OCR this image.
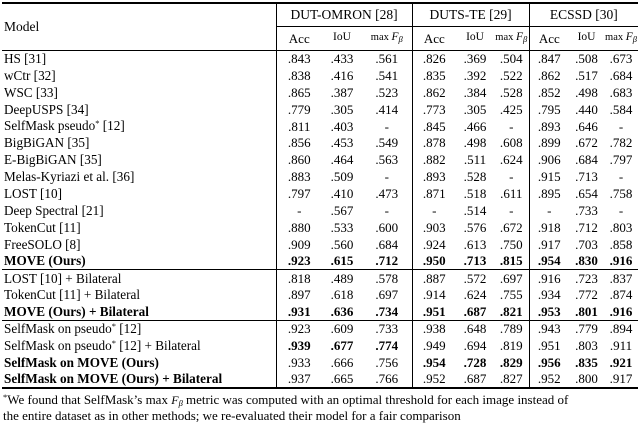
Model	DUT-OMRON [28]			DUTS-TE [29]			ECSSD [30]		
	Acc	IoU	$\max F_\beta$	Acc	IoU	$\max F_\beta$	Acc	IoU	$\max F_\beta$
HS [31]	.843	.433	.561	.826	.369	.504	.847	.508	.673
wCtr [32]	.838	.416	.541	.835	.392	.522	.862	.517	.684
WSC [33]	.865	.387	.523	.862	.384	.528	.852	.498	.683
DeepUSPS [34]	.779	.305	.414	.773	.305	.425	.795	.440	.584
SelfMask pseudo* [12]	.811	.403	-	.845	.466	-	.893	.646	-
BigBiGAN [35]	.856	.453	.549	.878	.498	.608	.899	.672	.782
E-BigBiGAN [35]	.860	.464	.563	.882	.511	.624	.906	.684	.797
Melas-Kyriazi et al. [36]	.883	.509	-	.893	.528	-	.915	.713	-
LOST [10]	.797	.410	.473	.871	.518	.611	.895	.654	.758
Deep Spectral [21]	-	.567	-	-	.514	-	-	.733	-
TokenCut [11]	.880	.533	.600	.903	.576	.672	.918	.712	.803
FreeSOLO [8]	.909	.560	.684	.924	.613	.750	.917	.703	.858
MOVE (Ours)	.923	.615	.712	.950	.713	.815	.954	.830	.916
LOST [10] + Bilateral	.818	.489	.578	.887	.572	.697	.916	.723	.837
TokenCut [11] + Bilateral	.897	.618	.697	.914	.624	.755	.934	.772	.874
MOVE (Ours) + Bilateral	.931	.636	.734	.951	.687	.821	.953	.801	.916
SelfMask on pseudo* [12]	.923	.609	.733	.938	.648	.789	.943	.779	.894
SelfMask on pseudo* [12] + Bilateral	.939	.677	.774	.949	.694	.819	.951	.803	.911
SelfMask on MOVE (Ours)	.933	.666	.756	.954	.728	.829	.956	.835	.921
SelfMask on MOVE (Ours) + Bilateral	.937	.665	.766	.952	.687	.827	.952	.800	.917
*We found that SelfMask’s $\max F_\beta$ metric was computed with an optimal threshold for each image instead of
the entire dataset as in other methods; we re-evaluated their model for a fair comparison
